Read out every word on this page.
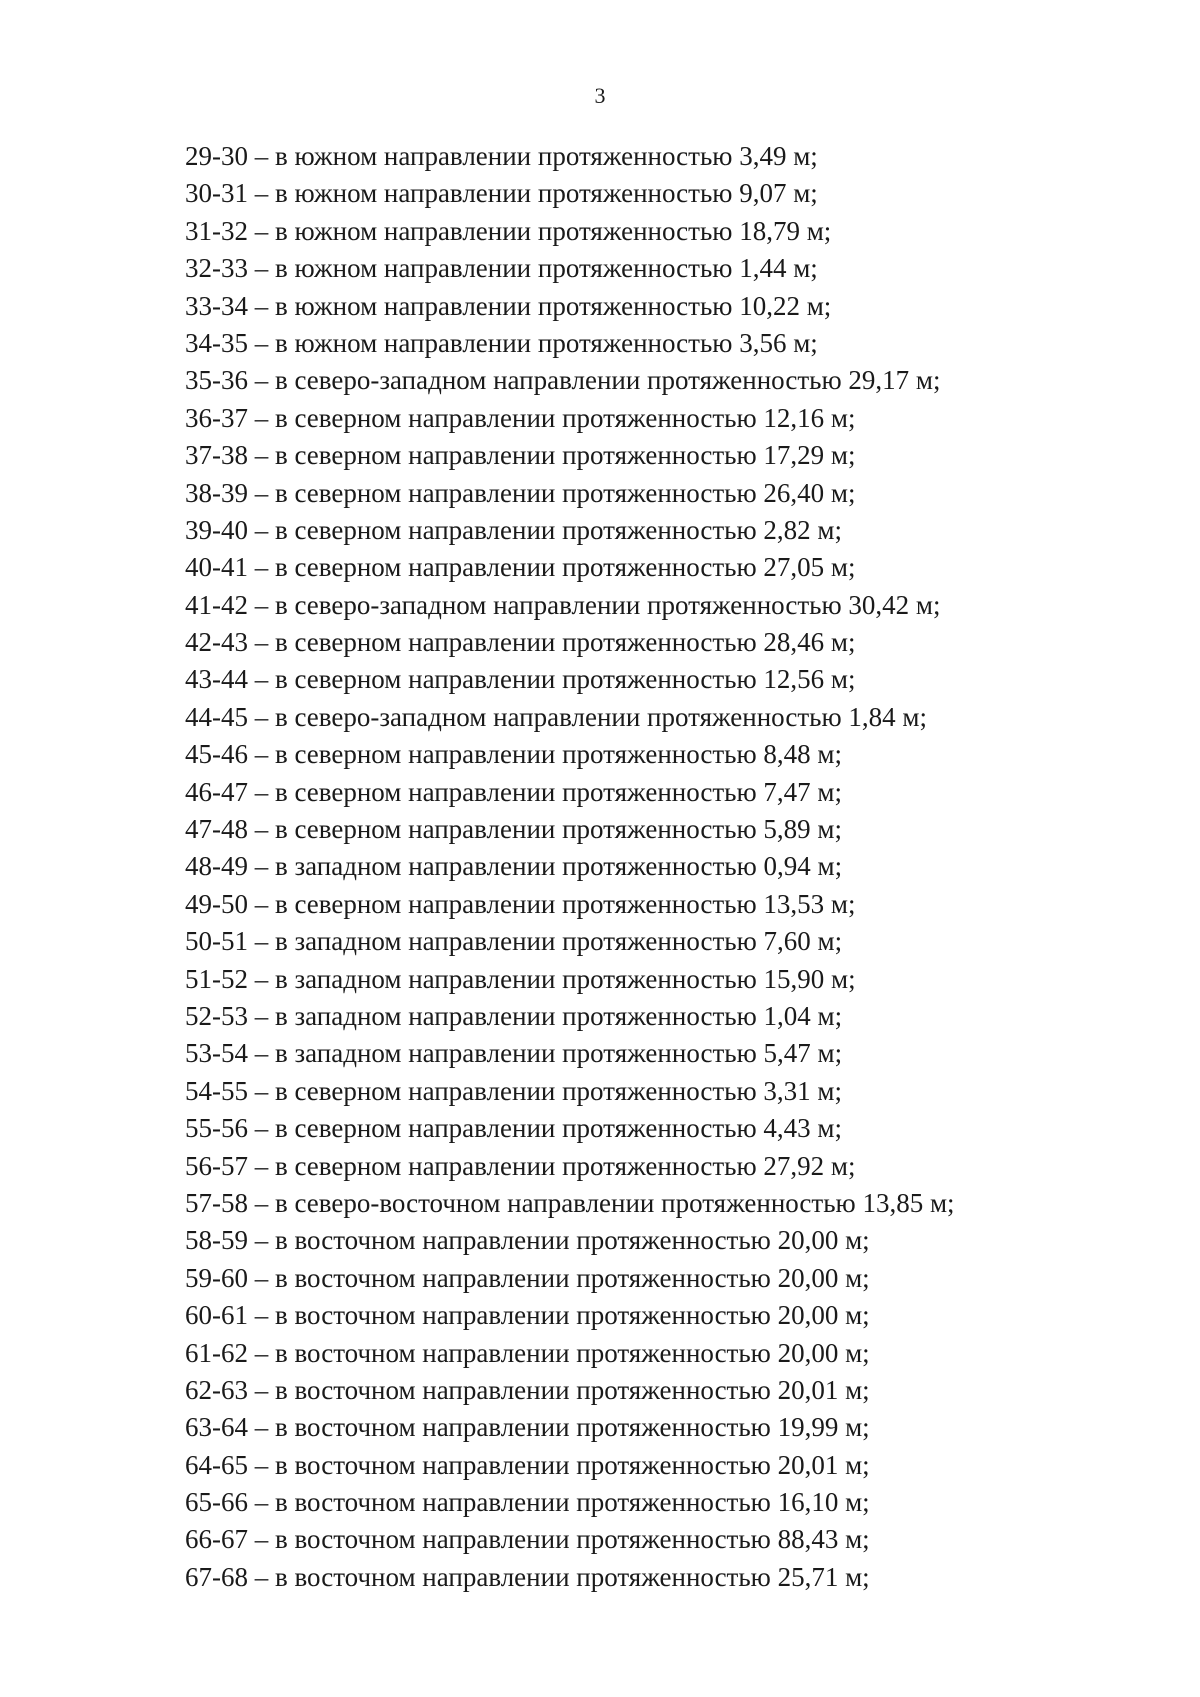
3
29-30 – в южном направлении протяженностью 3,49 м;
30-31 – в южном направлении протяженностью 9,07 м;
31-32 – в южном направлении протяженностью 18,79 м;
32-33 – в южном направлении протяженностью 1,44 м;
33-34 – в южном направлении протяженностью 10,22 м;
34-35 – в южном направлении протяженностью 3,56 м;
35-36 – в северо-западном направлении протяженностью 29,17 м;
36-37 – в северном направлении протяженностью 12,16 м;
37-38 – в северном направлении протяженностью 17,29 м;
38-39 – в северном направлении протяженностью 26,40 м;
39-40 – в северном направлении протяженностью 2,82 м;
40-41 – в северном направлении протяженностью 27,05 м;
41-42 – в северо-западном направлении протяженностью 30,42 м;
42-43 – в северном направлении протяженностью 28,46 м;
43-44 – в северном направлении протяженностью 12,56 м;
44-45 – в северо-западном направлении протяженностью 1,84 м;
45-46 – в северном направлении протяженностью 8,48 м;
46-47 – в северном направлении протяженностью 7,47 м;
47-48 – в северном направлении протяженностью 5,89 м;
48-49 – в западном направлении протяженностью 0,94 м;
49-50 – в северном направлении протяженностью 13,53 м;
50-51 – в западном направлении протяженностью 7,60 м;
51-52 – в западном направлении протяженностью 15,90 м;
52-53 – в западном направлении протяженностью 1,04 м;
53-54 – в западном направлении протяженностью 5,47 м;
54-55 – в северном направлении протяженностью 3,31 м;
55-56 – в северном направлении протяженностью 4,43 м;
56-57 – в северном направлении протяженностью 27,92 м;
57-58 – в северо-восточном направлении протяженностью 13,85 м;
58-59 – в восточном направлении протяженностью 20,00 м;
59-60 – в восточном направлении протяженностью 20,00 м;
60-61 – в восточном направлении протяженностью 20,00 м;
61-62 – в восточном направлении протяженностью 20,00 м;
62-63 – в восточном направлении протяженностью 20,01 м;
63-64 – в восточном направлении протяженностью 19,99 м;
64-65 – в восточном направлении протяженностью 20,01 м;
65-66 – в восточном направлении протяженностью 16,10 м;
66-67 – в восточном направлении протяженностью 88,43 м;
67-68 – в восточном направлении протяженностью 25,71 м;
